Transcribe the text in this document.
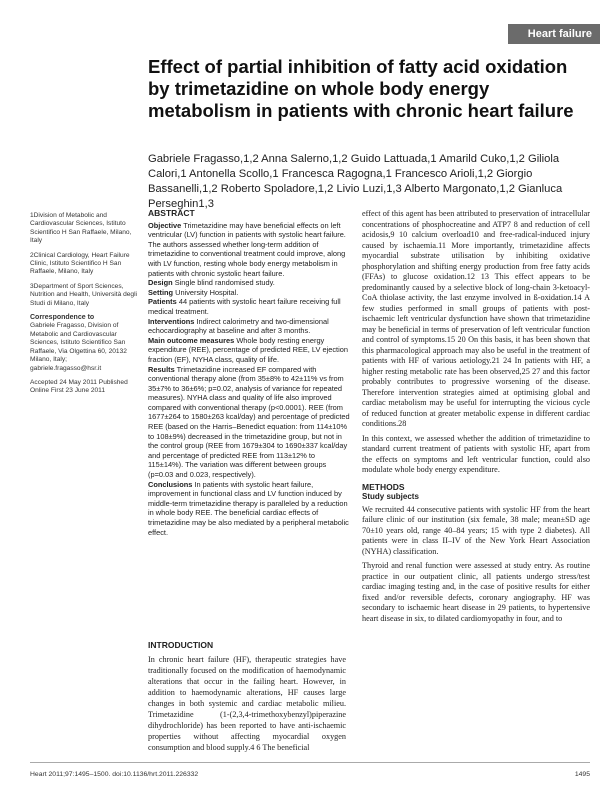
Heart failure
Effect of partial inhibition of fatty acid oxidation by trimetazidine on whole body energy metabolism in patients with chronic heart failure
Gabriele Fragasso,1,2 Anna Salerno,1,2 Guido Lattuada,1 Amarild Cuko,1,2 Giliola Calori,1 Antonella Scollo,1 Francesca Ragogna,1 Francesco Arioli,1,2 Giorgio Bassanelli,1,2 Roberto Spoladore,1,2 Livio Luzi,1,3 Alberto Margonato,1,2 Gianluca Perseghin1,3

1Division of Metabolic and Cardiovascular Sciences, Istituto Scientifico H San Raffaele, Milano, Italy

2Clinical Cardiology, Heart Failure Clinic, Istituto Scientifico H San Raffaele, Milano, Italy

3Department of Sport Sciences, Nutrition and Health, Università degli Studi di Milano, Italy

Correspondence to

Gabriele Fragasso, Division of Metabolic and Cardiovascular Sciences, Istituto Scientifico San Raffaele, Via Olgettina 60, 20132 Milano, Italy; gabriele.fragasso@hsr.it

Accepted 24 May 2011 Published Online First 23 June 2011

ABSTRACT

Objective Trimetazidine may have beneficial effects on left ventricular (LV) function in patients with systolic heart failure. The authors assessed whether long-term addition of trimetazidine to conventional treatment could improve, along with LV function, resting whole body energy metabolism in patients with chronic systolic heart failure.

Design Single blind randomised study.

Setting University Hospital.

Patients 44 patients with systolic heart failure receiving full medical treatment.

Interventions Indirect calorimetry and two-dimensional echocardiography at baseline and after 3 months.

Main outcome measures Whole body resting energy expenditure (REE), percentage of predicted REE, LV ejection fraction (EF), NYHA class, quality of life.

Results Trimetazidine increased EF compared with conventional therapy alone (from 35±8% to 42±11% vs from 35±7% to 36±6%; p=0.02, analysis of variance for repeated measures). NYHA class and quality of life also improved compared with conventional therapy (p<0.0001). REE (from 1677±264 to 1580±263 kcal/day) and percentage of predicted REE (based on the Harris–Benedict equation: from 114±10% to 108±9%) decreased in the trimetazidine group, but not in the control group (REE from 1679±304 to 1690±337 kcal/day and percentage of predicted REE from 113±12% to 115±14%). The variation was different between groups (p=0.03 and 0.023, respectively).

Conclusions In patients with systolic heart failure, improvement in functional class and LV function induced by middle-term trimetazidine therapy is paralleled by a reduction in whole body REE. The beneficial cardiac effects of trimetazidine may be also mediated by a peripheral metabolic effect.

INTRODUCTION

In chronic heart failure (HF), therapeutic strategies have traditionally focused on the modification of haemodynamic alterations that occur in the failing heart. However, in addition to haemodynamic alterations, HF causes large changes in both systemic and cardiac metabolic milieu. Trimetazidine (1-(2,3,4-trimethoxybenzyl)piperazine dihydrochloride) has been reported to have anti-ischaemic properties without affecting myocardial oxygen consumption and blood supply.4 6 The beneficial

effect of this agent has been attributed to preservation of intracellular concentrations of phosphocreatine and ATP7 8 and reduction of cell acidosis,9 10 calcium overload10 and free-radical-induced injury caused by ischaemia.11 More importantly, trimetazidine affects myocardial substrate utilisation by inhibiting oxidative phosphorylation and shifting energy production from free fatty acids (FFAs) to glucose oxidation.12 13 This effect appears to be predominantly caused by a selective block of long-chain 3-ketoacyl-CoA thiolase activity, the last enzyme involved in ß-oxidation.14 A few studies performed in small groups of patients with post-ischaemic left ventricular dysfunction have shown that trimetazidine may be beneficial in terms of preservation of left ventricular function and control of symptoms.15 20 On this basis, it has been shown that this pharmacological approach may also be useful in the treatment of patients with HF of various aetiology.21 24 In patients with HF, a higher resting metabolic rate has been observed,25 27 and this factor probably contributes to progressive worsening of the disease. Therefore intervention strategies aimed at optimising global and cardiac metabolism may be useful for interrupting the vicious cycle of reduced function at greater metabolic expense in different cardiac conditions.28

In this context, we assessed whether the addition of trimetazidine to standard current treatment of patients with systolic HF, apart from the effects on symptoms and left ventricular function, could also modulate whole body energy expenditure.

METHODS
Study subjects

We recruited 44 consecutive patients with systolic HF from the heart failure clinic of our institution (six female, 38 male; mean±SD age 70±10 years old, range 40–84 years; 15 with type 2 diabetes). All patients were in class II–IV of the New York Heart Association (NYHA) classification.

Thyroid and renal function were assessed at study entry. As routine practice in our outpatient clinic, all patients undergo stress/test cardiac imaging testing and, in the case of positive results for either fixed and/or reversible defects, coronary angiography. HF was secondary to ischaemic heart disease in 29 patients, to hypertensive heart disease in six, to dilated cardiomyopathy in four, and to

Heart 2011;97:1495–1500. doi:10.1136/hrt.2011.226332	1495
